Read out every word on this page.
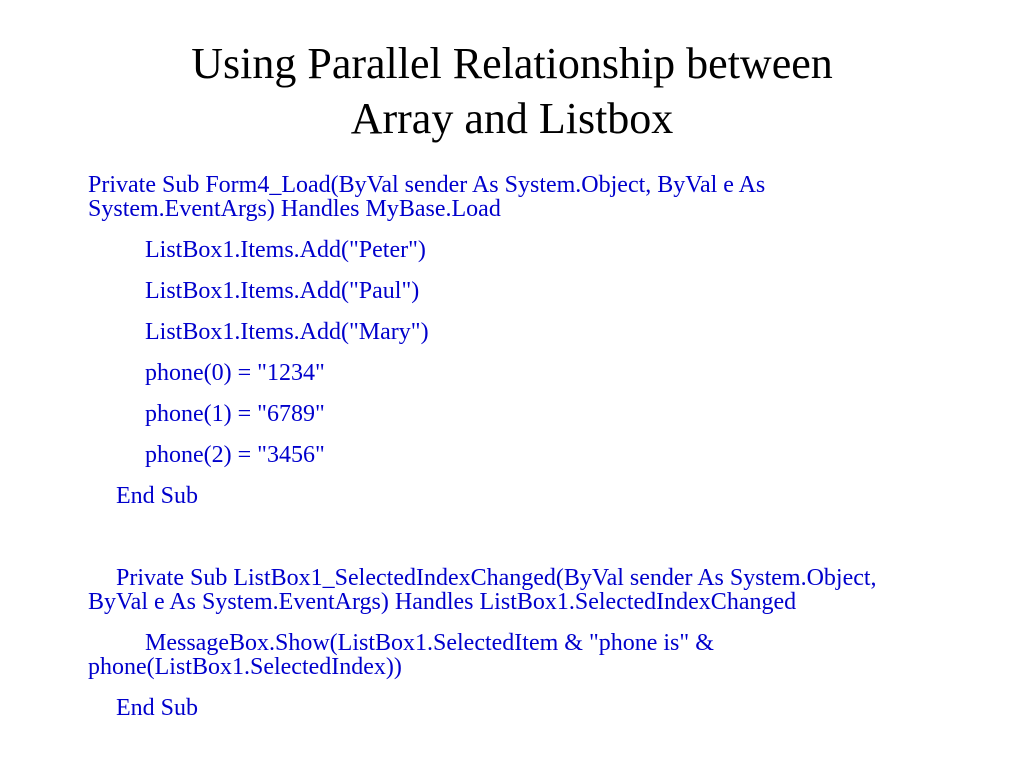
Using Parallel Relationship between
Array and Listbox

Private Sub Form4_Load(ByVal sender As System.Object, ByVal e As System.EventArgs) Handles MyBase.Load

ListBox1.Items.Add("Peter")

ListBox1.Items.Add("Paul")

ListBox1.Items.Add("Mary")

phone(0) = "1234"

phone(1) = "6789"

phone(2) = "3456"

End Sub

Private Sub ListBox1_SelectedIndexChanged(ByVal sender As System.Object, ByVal e As System.EventArgs) Handles ListBox1.SelectedIndexChanged

MessageBox.Show(ListBox1.SelectedItem & "phone is" & phone(ListBox1.SelectedIndex))

End Sub
